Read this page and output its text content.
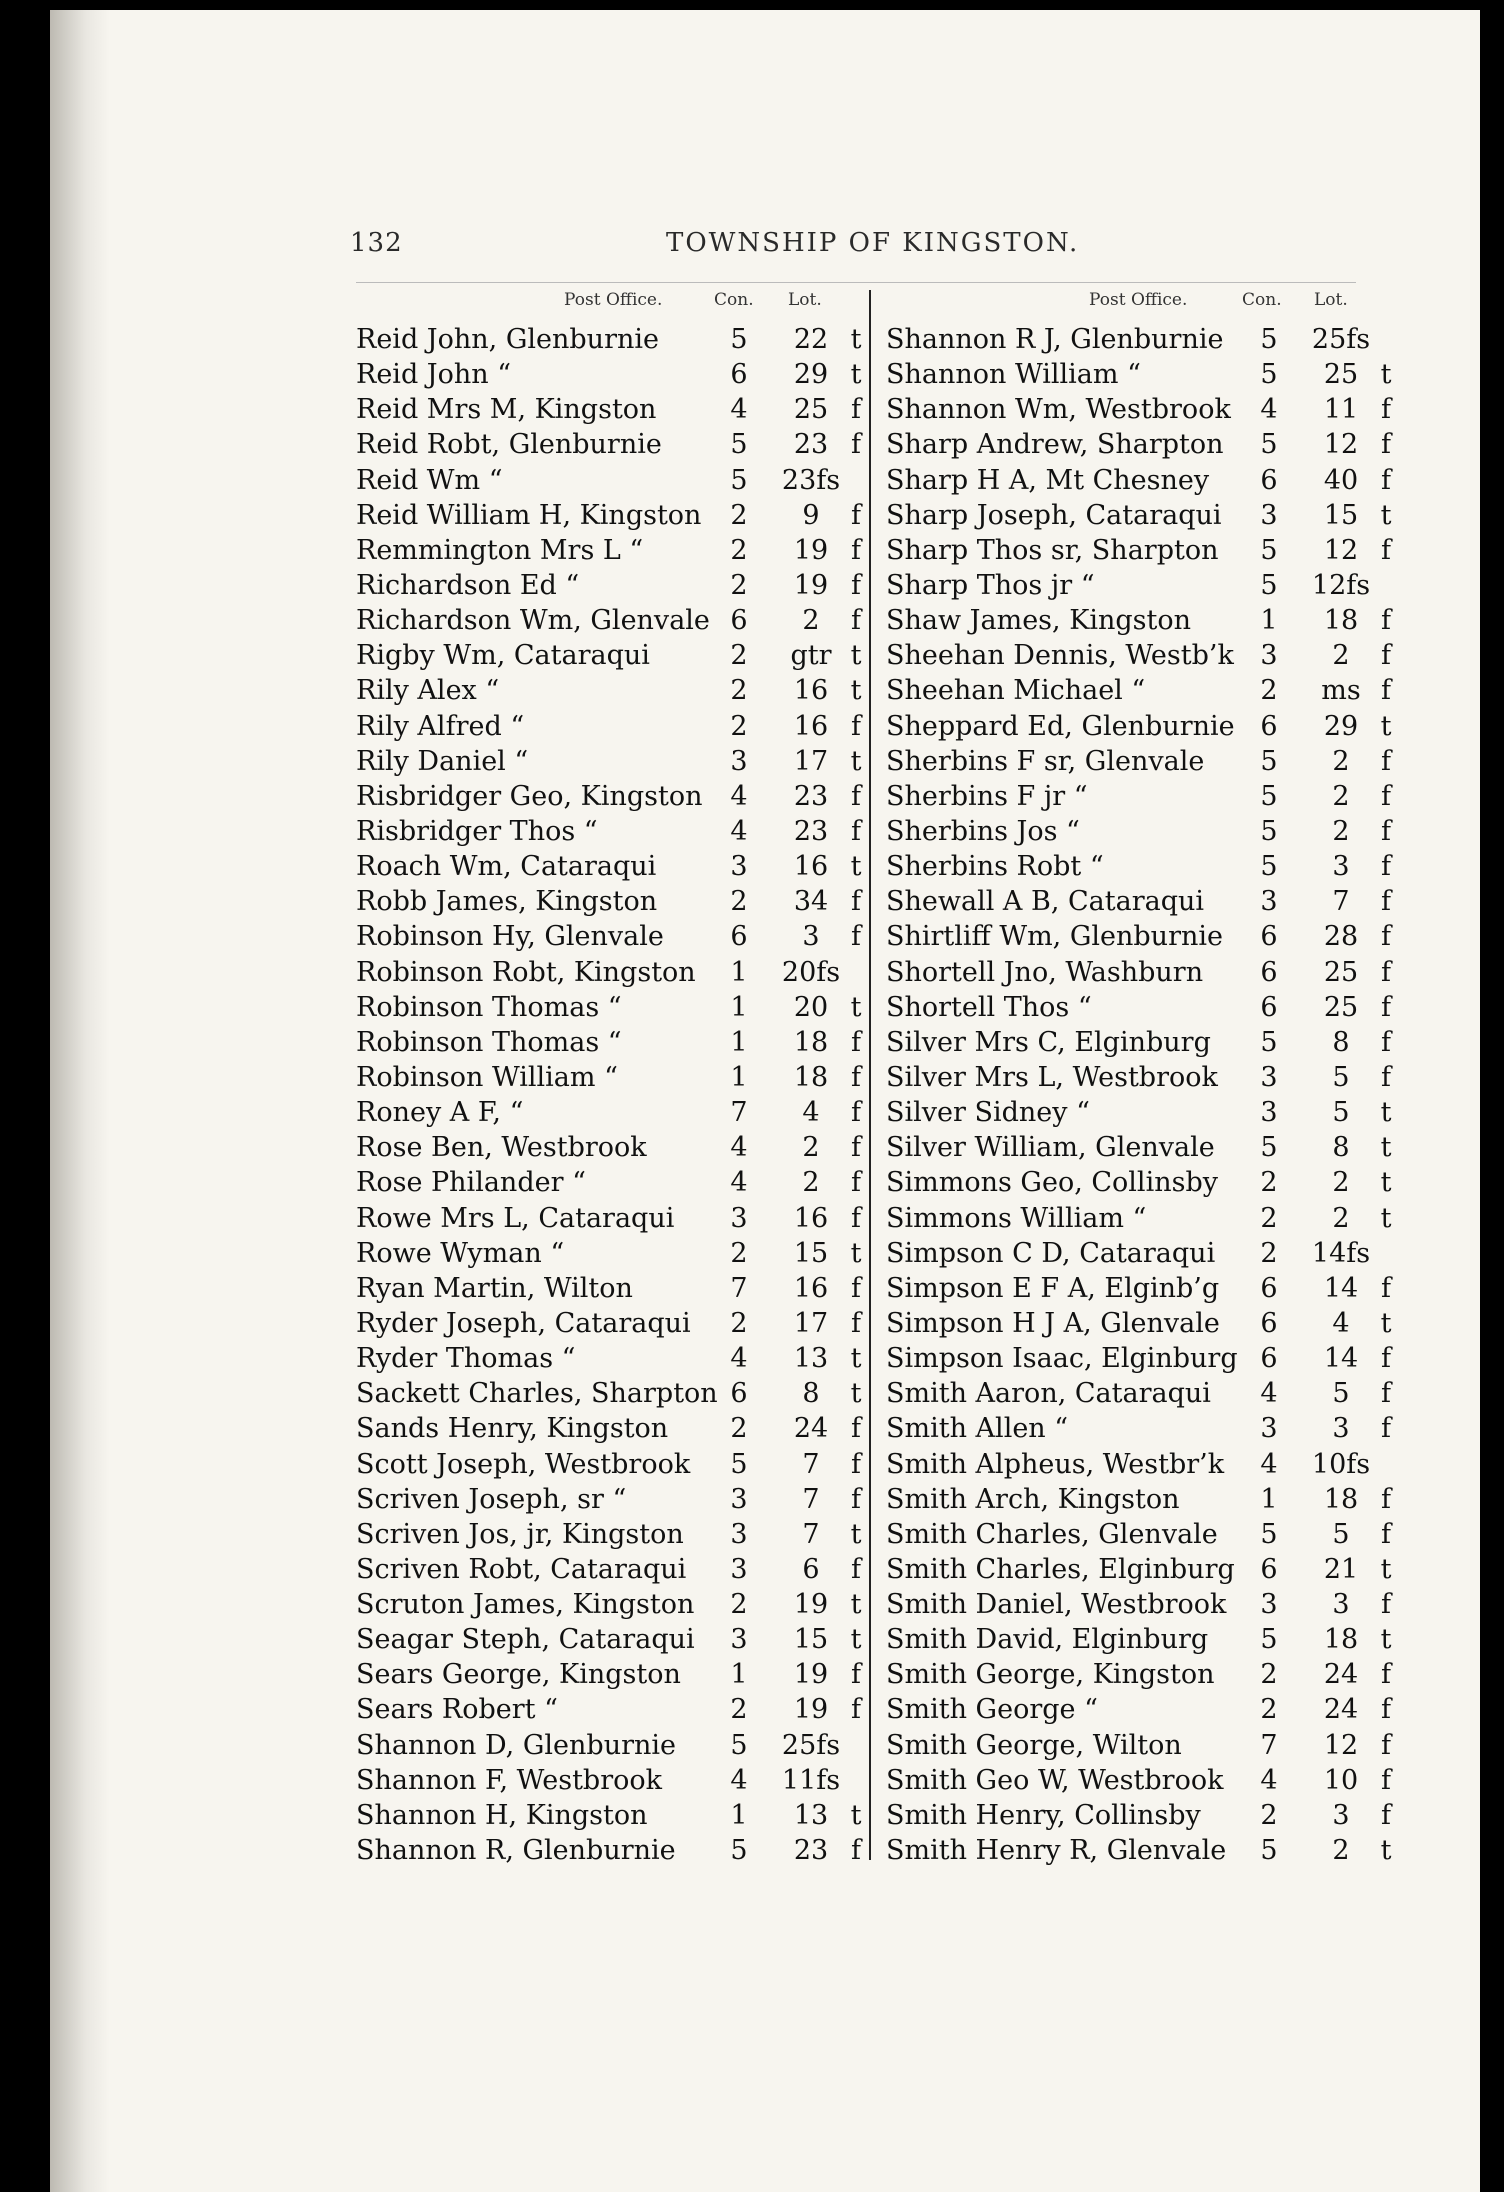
132	TOWNSHIP OF KINGSTON.
Post Office.	Con. Lot.
Reid John, Glenburnie	5	22 t
Reid John “	6	29 t
Reid Mrs M, Kingston	4	25 f
Reid Robt, Glenburnie	5	23 f
Reid Wm “	5 23fs
Reid William H, Kingston	2	9	f
Remmington Mrs L “	2	19 f
Richardson Ed “	2	19 f
Richardson Wm, Glenvale 6	2	f
Rigby Wm, Cataraqui	2	gtr t
Rily Alex “	2	16 t
Rily Alfred “	2	16 f
Rily Daniel “	3	17 t
Risbridger Geo, Kingston	4	23 f
Risbridger Thos “	4	23 f
Roach Wm, Cataraqui	3	16 t
Robb James, Kingston	2	34 f
Robinson Hy, Glenvale	6	3	f
Robinson Robt, Kingston	1 20fs
Robinson Thomas “	1	20 t
Robinson Thomas “	1	18 f
Robinson William “	1	18 f
Roney A F, “	7	4	f
Rose Ben, Westbrook	4	2	f
Rose Philander “	4	2	f
Rowe Mrs L, Cataraqui	3	16 f
Rowe Wyman “	2	15 t
Ryan Martin, Wilton	7	16 f
Ryder Joseph, Cataraqui	2	17 f
Ryder Thomas “	4	13 t
Sackett Charles, Sharpton 6	8	t
Sands Henry, Kingston	2	24 f
Scott Joseph, Westbrook	5	7	f
Scriven Joseph, sr “	3	7	f
Scriven Jos, jr, Kingston	3	7	t
Scriven Robt, Cataraqui	3	6	f
Scruton James, Kingston	2	19 t
Seagar Steph, Cataraqui	3	15 t
Sears George, Kingston	1	19 f
Sears Robert “	2	19 f
Shannon D, Glenburnie	5 25fs
Shannon F, Westbrook	4 11fs
Shannon H, Kingston	1	13 t
Shannon R, Glenburnie	5	23 f
Post Office.	Con. Lot.
Shannon R J, Glenburnie	5 25fs
Shannon William “	5	25 t
Shannon Wm, Westbrook	4	11 f
Sharp Andrew, Sharpton	5	12 f
Sharp H A, Mt Chesney	6	40 f
Sharp Joseph, Cataraqui	3	15 t
Sharp Thos sr, Sharpton	5	12 f
Sharp Thos jr “	5 12fs
Shaw James, Kingston	1	18 f
Sheehan Dennis, Westb’k 3	2	f
Sheehan Michael “	2	ms f
Sheppard Ed, Glenburnie 6	29 t
Sherbins F sr, Glenvale	5	2	f
Sherbins F jr “	5	2	f
Sherbins Jos “	5	2	f
Sherbins Robt “	5	3	f
Shewall A B, Cataraqui	3	7	f
Shirtliff Wm, Glenburnie	6	28 f
Shortell Jno, Washburn	6	25 f
Shortell Thos “	6	25 f
Silver Mrs C, Elginburg	5	8	f
Silver Mrs L, Westbrook	3	5	f
Silver Sidney “	3	5	t
Silver William, Glenvale	5	8	t
Simmons Geo, Collinsby	2	2	t
Simmons William “	2	2	t
Simpson C D, Cataraqui	2 14fs
Simpson E F A, Elginb’g	6	14 f
Simpson H J A, Glenvale	6	4	t
Simpson Isaac, Elginburg 6	14 f
Smith Aaron, Cataraqui	4	5	f
Smith Allen “	3	3	f
Smith Alpheus, Westbr’k	4 10fs
Smith Arch, Kingston	1	18 f
Smith Charles, Glenvale	5	5	f
Smith Charles, Elginburg 6	21 t
Smith Daniel, Westbrook	3	3	f
Smith David, Elginburg	5	18 t
Smith George, Kingston	2	24 f
Smith George “	2	24 f
Smith George, Wilton	7	12 f
Smith Geo W, Westbrook	4	10 f
Smith Henry, Collinsby	2	3	f
Smith Henry R, Glenvale	5	2	t
